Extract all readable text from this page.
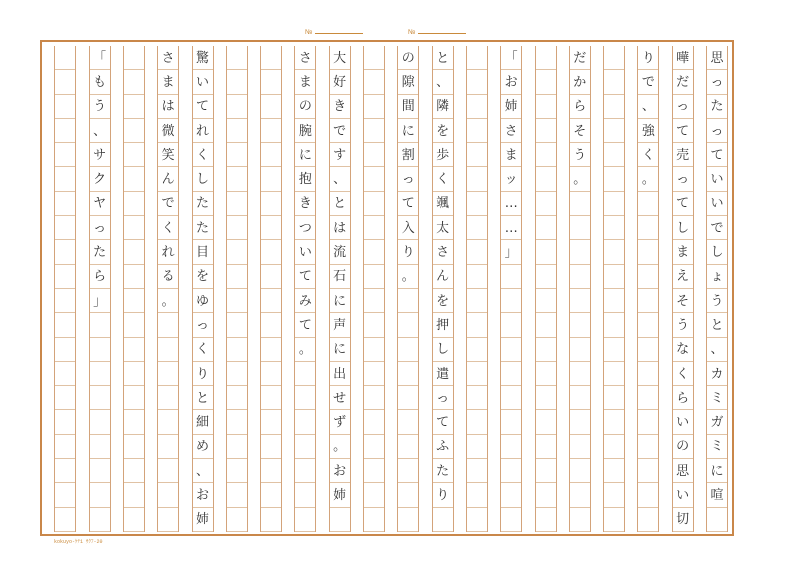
№	№
思
っ
た
っ
て
い
い
で
し
ょ
う
と
、
カ
ミ
ガ
ミ
に
喧
嘩
だ
っ
て
売
っ
て
し
ま
え
そ
う
な
く
ら
い
の
思
い
切
り
で
、
強
く
。
だ
か
ら
そ
う
。
「
お
姉
さ
ま
ッ
…
…
」
と
、
隣
を
歩
く
颯
太
さ
ん
を
押
し
遣
っ
て
ふ
た
り
の
隙
間
に
割
っ
て
入
り
。
大
好
き
で
す
、
と
は
流
石
に
声
に
出
せ
ず
。
お
姉
さ
ま
の
腕
に
抱
き
つ
い
て
み
て
。
驚
い
て
れ
く
し
た
た
目
を
ゆ
っ
く
り
と
細
め
、
お
姉
さ
ま
は
微
笑
ん
で
く
れ
る
。
「
も
う
、
サ
ク
ヤ
っ
た
ら
」
kokuyo-ｹﾃ1 ｻｸﾌ-20
